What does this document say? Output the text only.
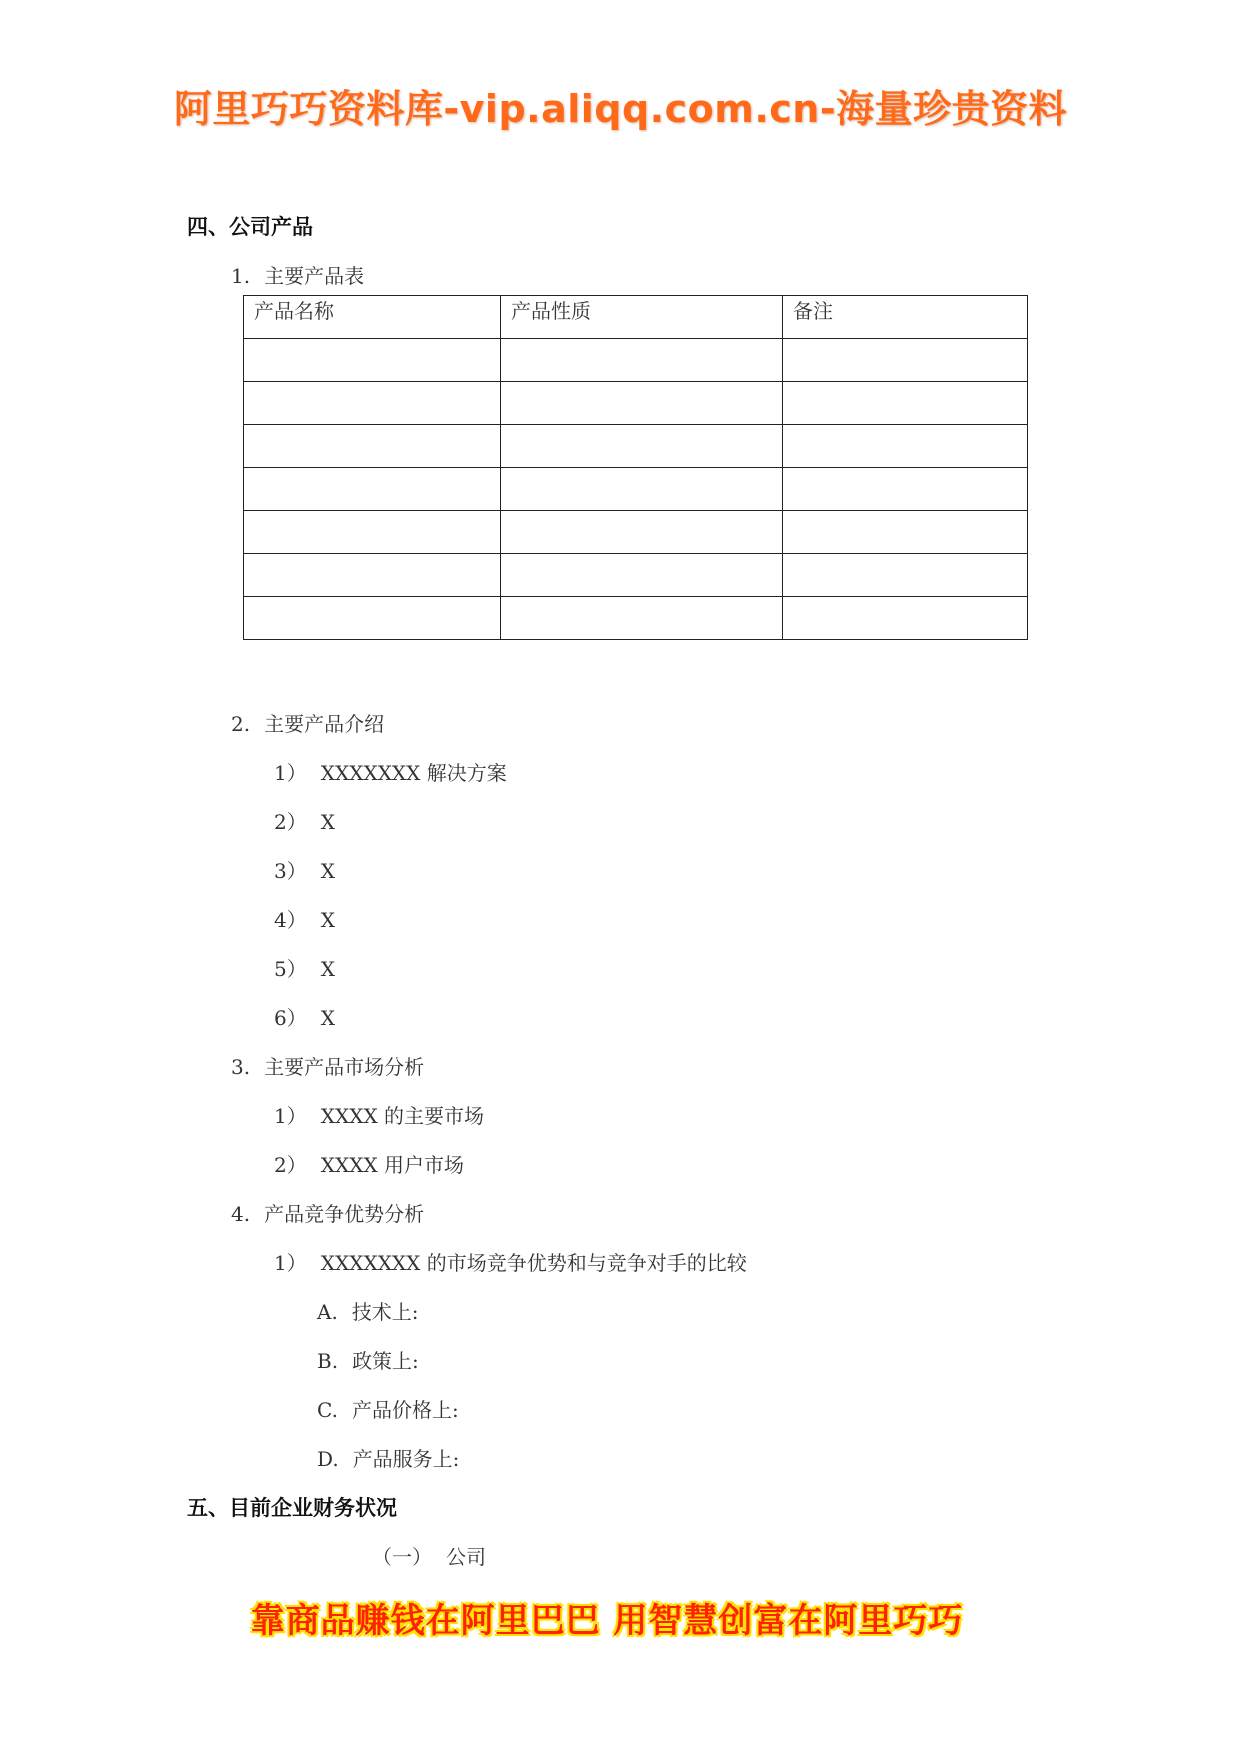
阿里巧巧资料库-vip.aliqq.com.cn-海量珍贵资料
四、公司产品
1. 主要产品表
产品名称	产品性质	备注

2. 主要产品介绍
1） XXXXXXX 解决方案
2） X
3） X
4） X
5） X
6） X
3. 主要产品市场分析
1） XXXX 的主要市场
2） XXXX 用户市场
4. 产品竞争优势分析
1） XXXXXXX 的市场竞争优势和与竞争对手的比较
A. 技术上:
B. 政策上:
C. 产品价格上:
D. 产品服务上:
五、目前企业财务状况
（一） 公司
靠商品赚钱在阿里巴巴 用智慧创富在阿里巧巧
